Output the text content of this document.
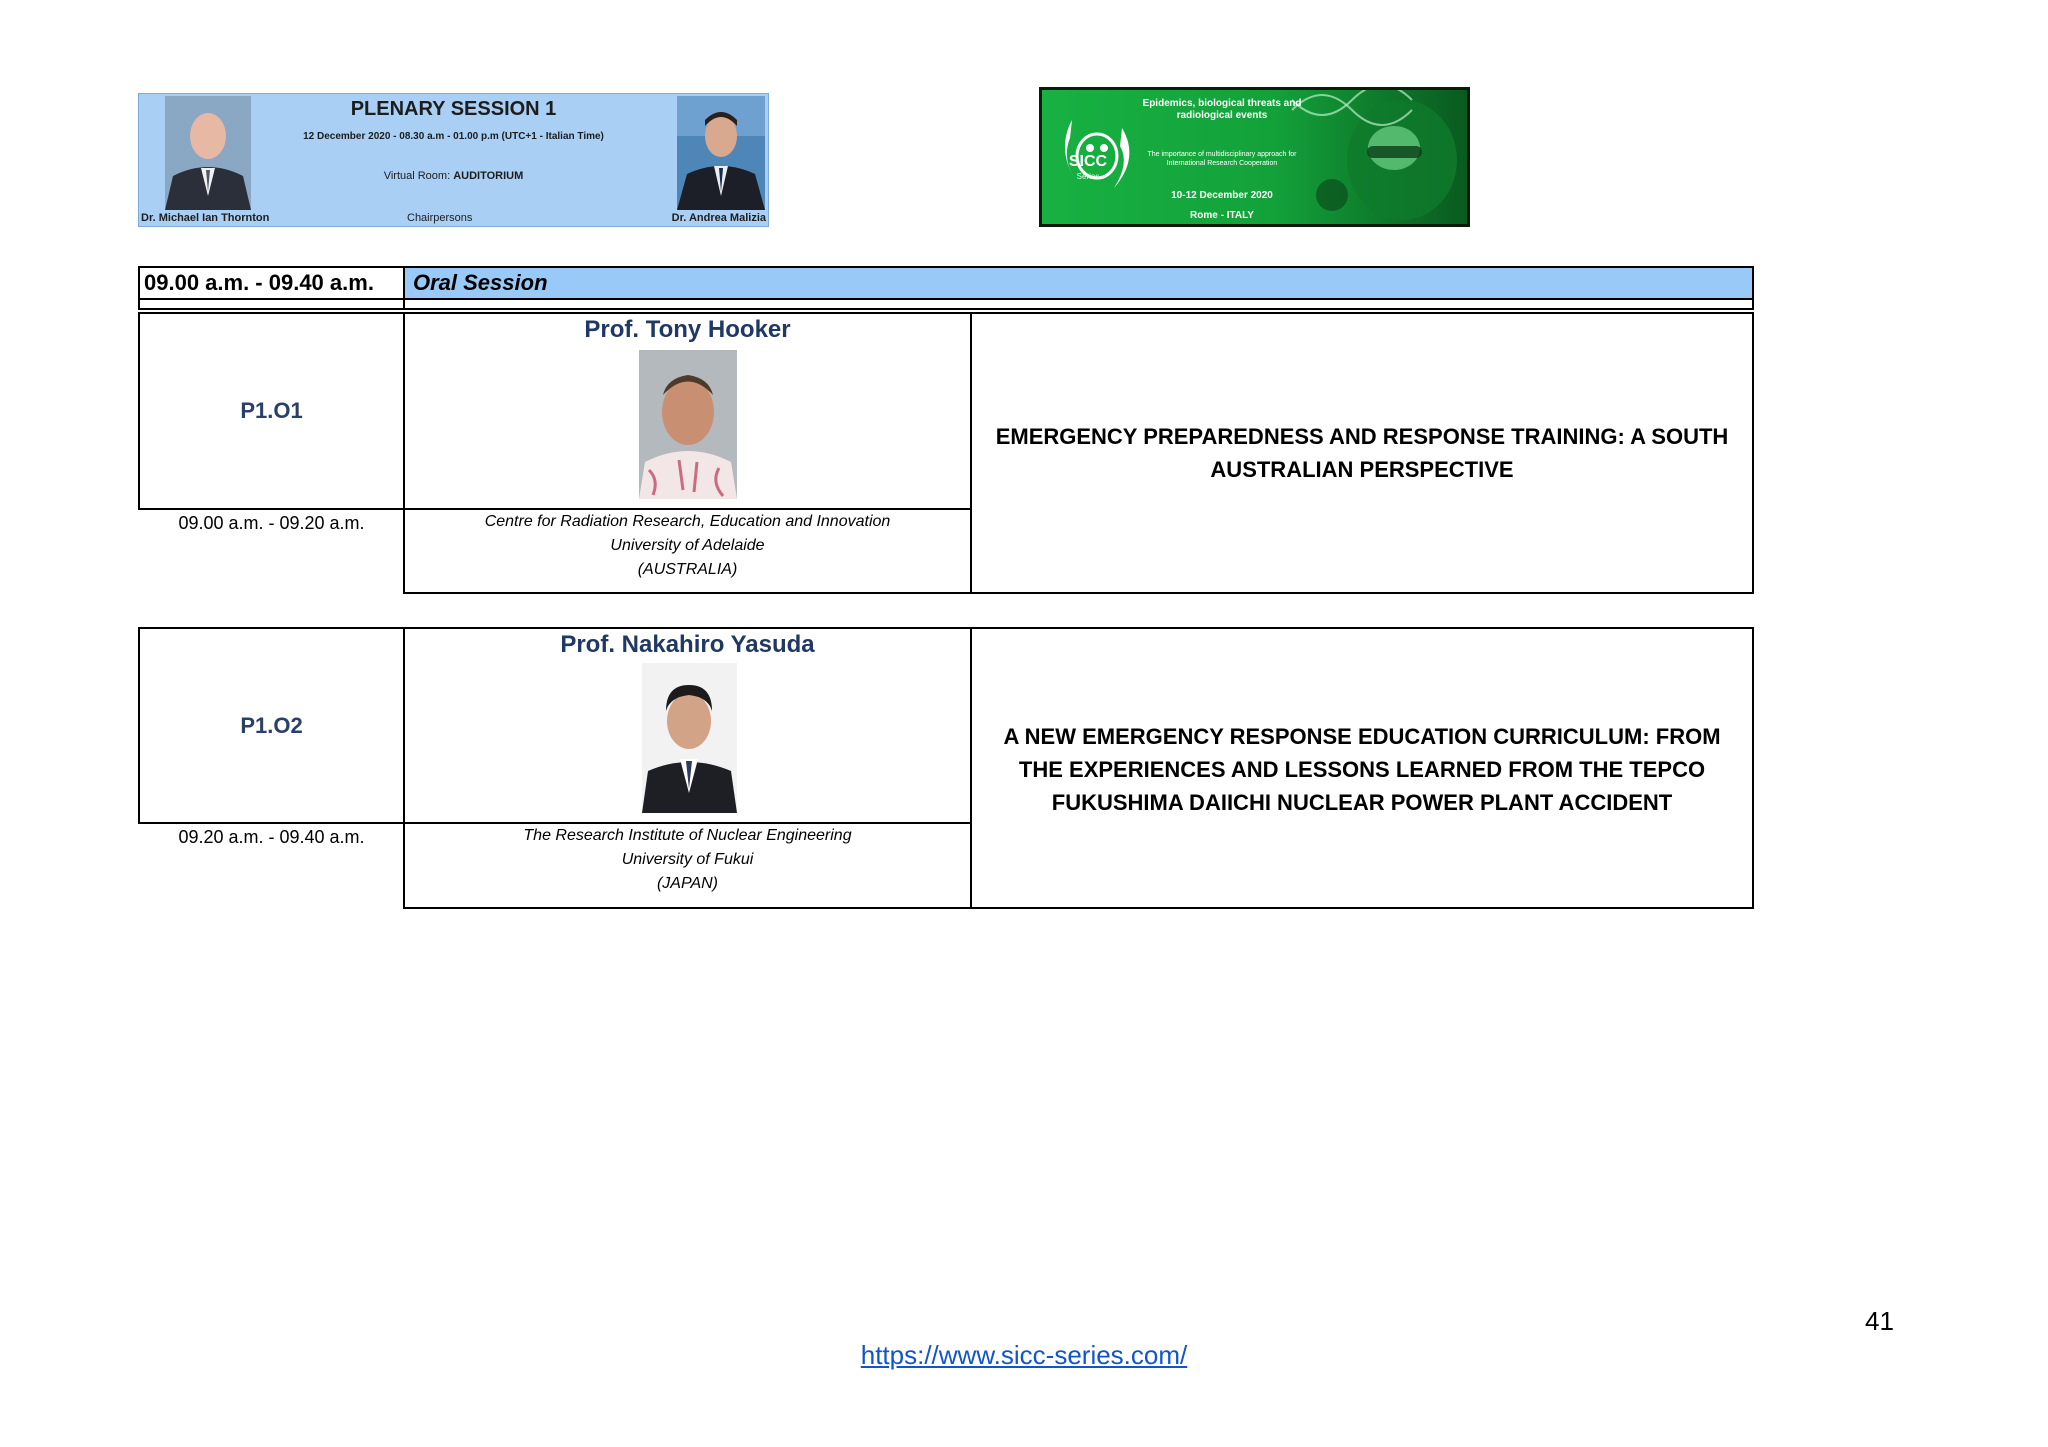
PLENARY SESSION 1
12 December 2020 - 08.30 a.m - 01.00 p.m (UTC+1 - Italian Time)
Virtual Room: AUDITORIUM
Dr. Michael Ian Thornton	Chairpersons	Dr. Andrea Malizia
SICC
Series
Epidemics, biological threats and radiological events
The importance of multidisciplinary approach for International Research Cooperation
10-12 December 2020
Rome - ITALY
09.00 a.m. - 09.40 a.m. Oral Session
P1.O1
Prof. Tony Hooker
09.00 a.m. - 09.20 a.m.	Centre for Radiation Research, Education and Innovation
University of Adelaide
(AUSTRALIA)
EMERGENCY PREPAREDNESS AND RESPONSE TRAINING: A SOUTH
AUSTRALIAN PERSPECTIVE
P1.O2
Prof. Nakahiro Yasuda
09.20 a.m. - 09.40 a.m.	The Research Institute of Nuclear Engineering
University of Fukui
(JAPAN)
A NEW EMERGENCY RESPONSE EDUCATION CURRICULUM: FROM
THE EXPERIENCES AND LESSONS LEARNED FROM THE TEPCO
FUKUSHIMA DAIICHI NUCLEAR POWER PLANT ACCIDENT
41
https://www.sicc-series.com/
